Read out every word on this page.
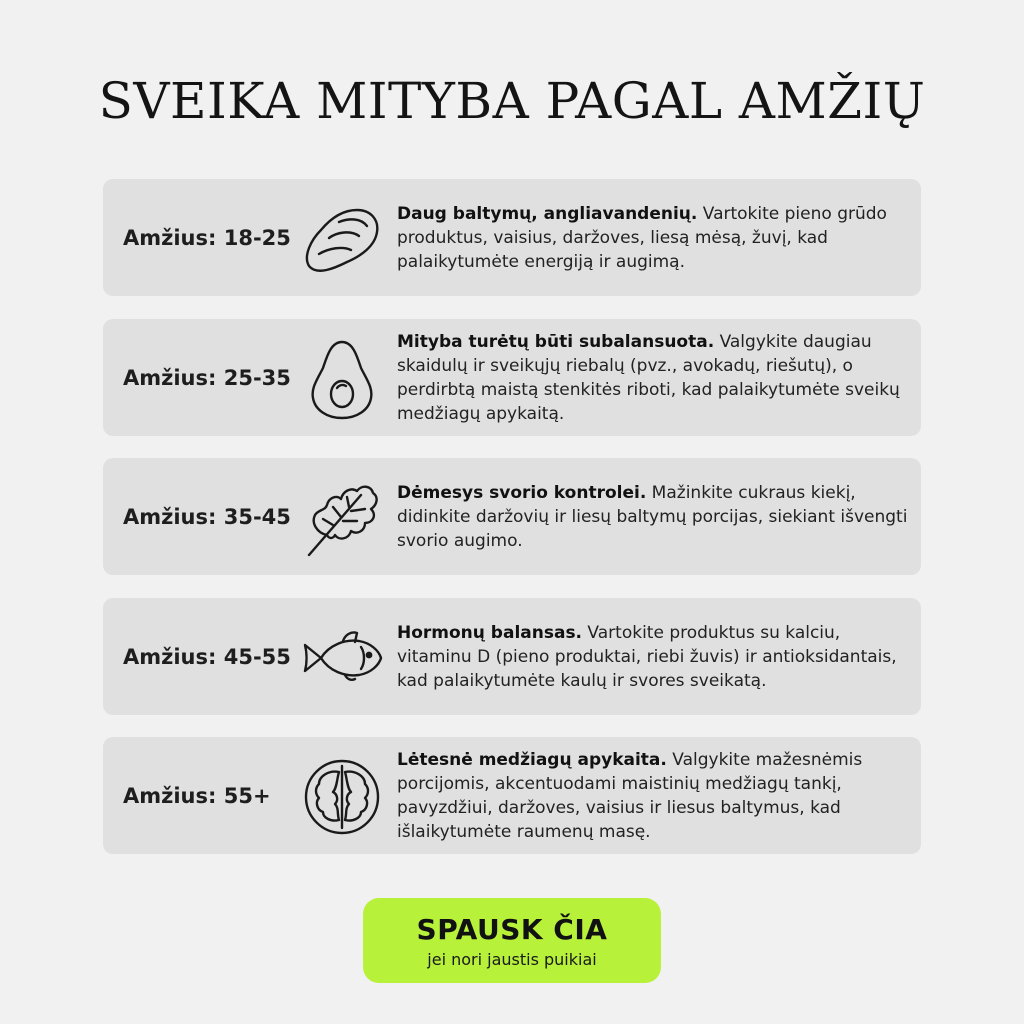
SVEIKA MITYBA PAGAL AMŽIŲ
Amžius: 18-25

Daug baltymų, angliavandenių. Vartokite pieno grūdo produktus, vaisius, daržoves, liesą mėsą, žuvį, kad palaikytumėte energiją ir augimą.

Amžius: 25-35

Mityba turėtų būti subalansuota. Valgykite daugiau skaidulų ir sveikųjų riebalų (pvz., avokadų, riešutų), o perdirbtą maistą stenkitės riboti, kad palaikytumėte sveikų medžiagų apykaitą.

Amžius: 35-45

Dėmesys svorio kontrolei. Mažinkite cukraus kiekį, didinkite daržovių ir liesų baltymų porcijas, siekiant išvengti svorio augimo.

Amžius: 45-55

Hormonų balansas. Vartokite produktus su kalciu, vitaminu D (pieno produktai, riebi žuvis) ir antioksidantais, kad palaikytumėte kaulų ir svores sveikatą.

Amžius: 55+

Lėtesnė medžiagų apykaita. Valgykite mažesnėmis porcijomis, akcentuodami maistinių medžiagų tankį, pavyzdžiui, daržoves, vaisius ir liesus baltymus, kad išlaikytumėte raumenų masę.

SPAUSK ČIA
jei nori jaustis puikiai
